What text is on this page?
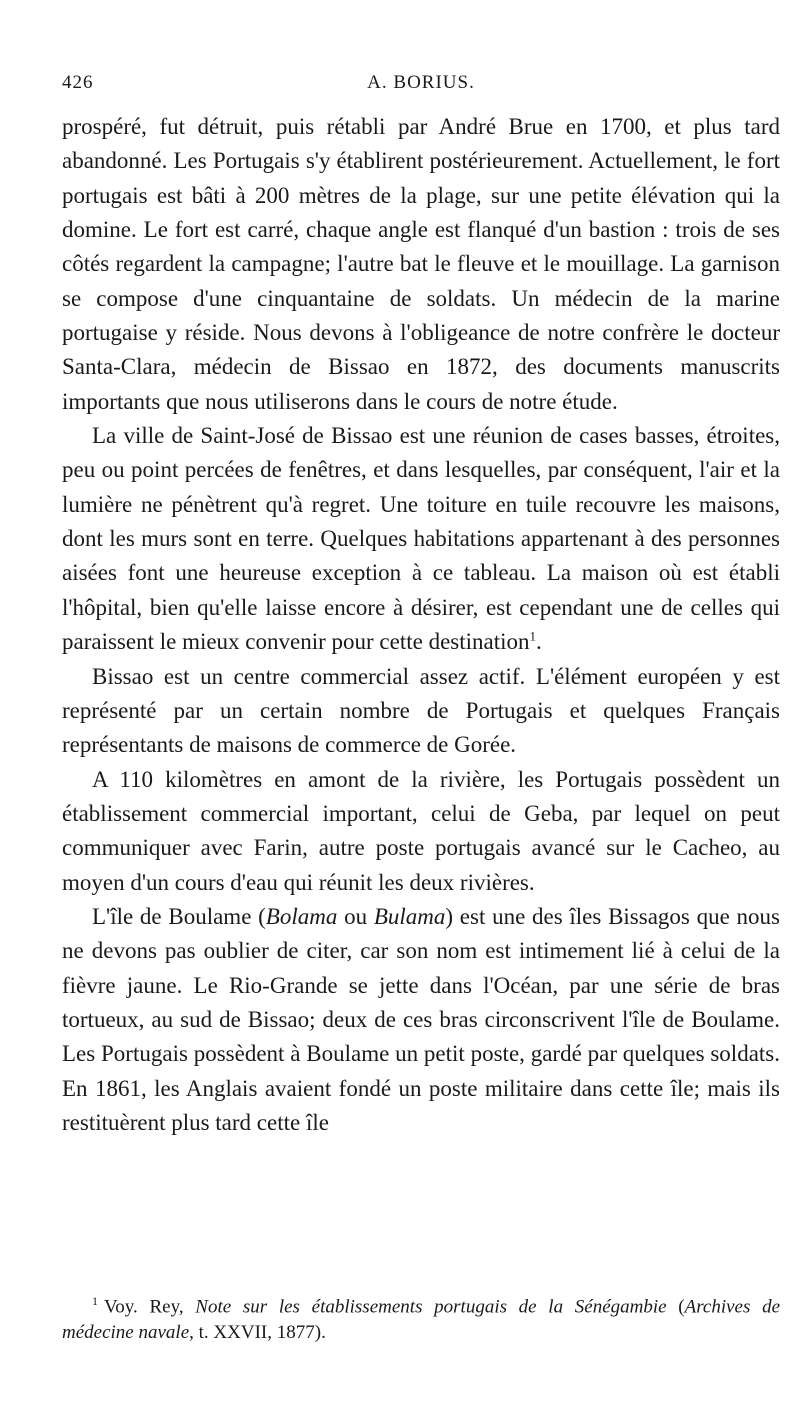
426	A. BORIUS.

prospéré, fut détruit, puis rétabli par André Brue en 1700, et plus tard abandonné. Les Portugais s'y établirent postérieurement. Actuellement, le fort portugais est bâti à 200 mètres de la plage, sur une petite élévation qui la domine. Le fort est carré, chaque angle est flanqué d'un bastion : trois de ses côtés regardent la campagne; l'autre bat le fleuve et le mouillage. La garnison se compose d'une cinquantaine de soldats. Un médecin de la marine portugaise y réside. Nous devons à l'obligeance de notre confrère le docteur Santa-Clara, médecin de Bissao en 1872, des documents manuscrits importants que nous utiliserons dans le cours de notre étude.

La ville de Saint-José de Bissao est une réunion de cases basses, étroites, peu ou point percées de fenêtres, et dans lesquelles, par conséquent, l'air et la lumière ne pénètrent qu'à regret. Une toiture en tuile recouvre les maisons, dont les murs sont en terre. Quelques habitations appartenant à des personnes aisées font une heureuse exception à ce tableau. La maison où est établi l'hôpital, bien qu'elle laisse encore à désirer, est cependant une de celles qui paraissent le mieux convenir pour cette destination$^1$.

Bissao est un centre commercial assez actif. L'élément européen y est représenté par un certain nombre de Portugais et quelques Français représentants de maisons de commerce de Gorée.

A 110 kilomètres en amont de la rivière, les Portugais possèdent un établissement commercial important, celui de Geba, par lequel on peut communiquer avec Farin, autre poste portugais avancé sur le Cacheo, au moyen d'un cours d'eau qui réunit les deux rivières.

L'île de Boulame (Bolama ou Bulama) est une des îles Bissagos que nous ne devons pas oublier de citer, car son nom est intimement lié à celui de la fièvre jaune. Le Rio-Grande se jette dans l'Océan, par une série de bras tortueux, au sud de Bissao; deux de ces bras circonscrivent l'île de Boulame. Les Portugais possèdent à Boulame un petit poste, gardé par quelques soldats. En 1861, les Anglais avaient fondé un poste militaire dans cette île; mais ils restituèrent plus tard cette île

$^1$ Voy. Rey, Note sur les établissements portugais de la Sénégambie (Archives de médecine navale, t. XXVII, 1877).
